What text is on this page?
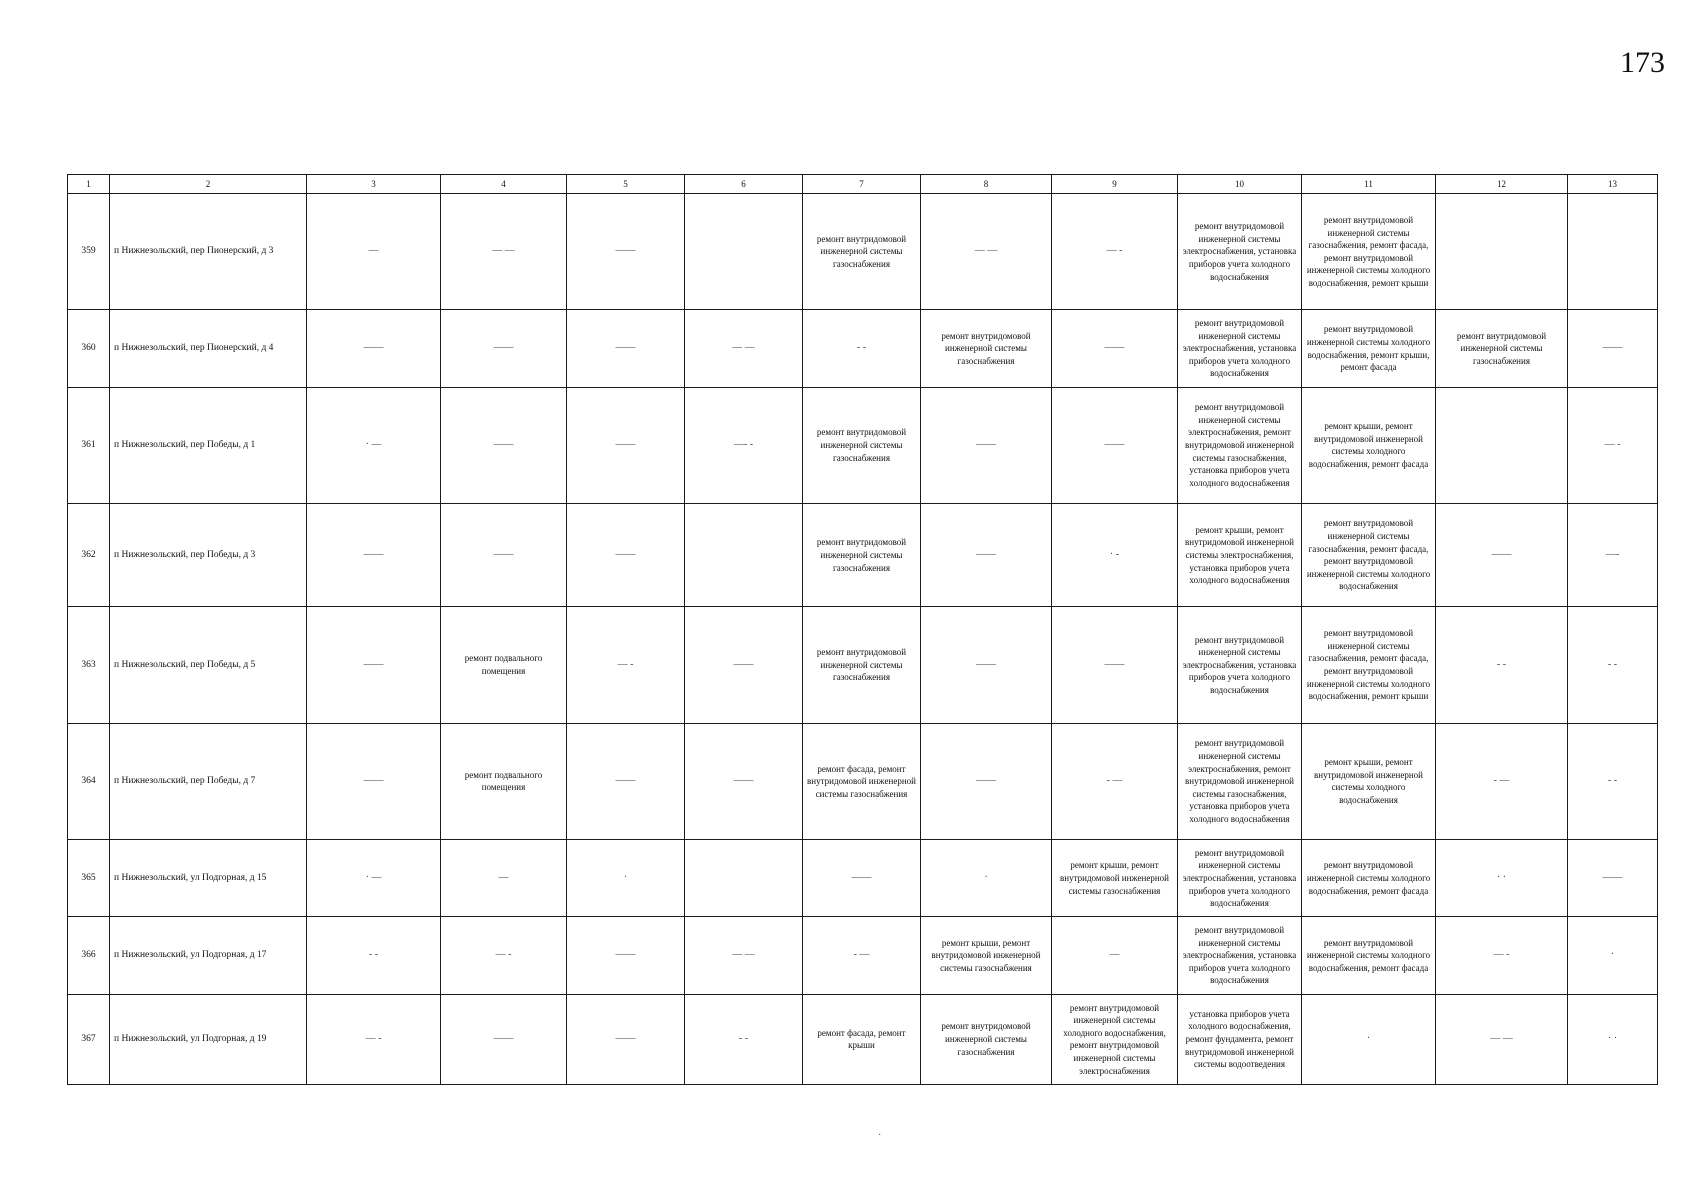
173
1	2	3	4	5	6	7	8	9	10	11	12	13
359	п Нижнезольский, пер Пионерский, д 3	—	— —	——		ремонт внутридомовой инженерной системы газоснабжения	— —	— -	ремонт внутридомовой инженерной системы электроснабжения, установка приборов учета холодного водоснабжения	ремонт внутридомовой инженерной системы газоснабжения, ремонт фасада, ремонт внутридомовой инженерной системы холодного водоснабжения, ремонт крыши		
360	п Нижнезольский, пер Пионерский, д 4	——	——	——	— —	- -	ремонт внутридомовой инженерной системы газоснабжения	——	ремонт внутридомовой инженерной системы электроснабжения, установка приборов учета холодного водоснабжения	ремонт внутридомовой инженерной системы холодного водоснабжения, ремонт крыши, ремонт фасада	ремонт внутридомовой инженерной системы газоснабжения	——
361	п Нижнезольский, пер Победы, д 1	· —	——	——	—- -	ремонт внутридомовой инженерной системы газоснабжения	——	——	ремонт внутридомовой инженерной системы электроснабжения, ремонт внутридомовой инженерной системы газоснабжения, установка приборов учета холодного водоснабжения	ремонт крыши, ремонт внутридомовой инженерной системы холодного водоснабжения, ремонт фасада		— -
362	п Нижнезольский, пер Победы, д 3	——	——	——		ремонт внутридомовой инженерной системы газоснабжения	——	· -	ремонт крыши, ремонт внутридомовой инженерной системы электроснабжения, установка приборов учета холодного водоснабжения	ремонт внутридомовой инженерной системы газоснабжения, ремонт фасада, ремонт внутридомовой инженерной системы холодного водоснабжения	——	—-
363	п Нижнезольский, пер Победы, д 5	——	ремонт подвального помещения	— -	——	ремонт внутридомовой инженерной системы газоснабжения	——	——	ремонт внутридомовой инженерной системы электроснабжения, установка приборов учета холодного водоснабжения	ремонт внутридомовой инженерной системы газоснабжения, ремонт фасада, ремонт внутридомовой инженерной системы холодного водоснабжения, ремонт крыши	- -	- -
364	п Нижнезольский, пер Победы, д 7	——	ремонт подвального помещения	——	——	ремонт фасада, ремонт внутридомовой инженерной системы газоснабжения	——	- —	ремонт внутридомовой инженерной системы электроснабжения, ремонт внутридомовой инженерной системы газоснабжения, установка приборов учета холодного водоснабжения	ремонт крыши, ремонт внутридомовой инженерной системы холодного водоснабжения	- —	- -
365	п Нижнезольский, ул Подгорная, д 15	· —	—	·		——	·	ремонт крыши, ремонт внутридомовой инженерной системы газоснабжения	ремонт внутридомовой инженерной системы электроснабжения, установка приборов учета холодного водоснабжения	ремонт внутридомовой инженерной системы холодного водоснабжения, ремонт фасада	· ·	——
366	п Нижнезольский, ул Подгорная, д 17	- -	— -	——	— —	- —	ремонт крыши, ремонт внутридомовой инженерной системы газоснабжения	—	ремонт внутридомовой инженерной системы электроснабжения, установка приборов учета холодного водоснабжения	ремонт внутридомовой инженерной системы холодного водоснабжения, ремонт фасада	— -	·
367	п Нижнезольский, ул Подгорная, д 19	— -	——	——	- -	ремонт фасада, ремонт крыши	ремонт внутридомовой инженерной системы газоснабжения	ремонт внутридомовой инженерной системы холодного водоснабжения, ремонт внутридомовой инженерной системы электроснабжения	установка приборов учета холодного водоснабжения, ремонт фундамента, ремонт внутридомовой инженерной системы водоотведения	·	— —	· ·
·
